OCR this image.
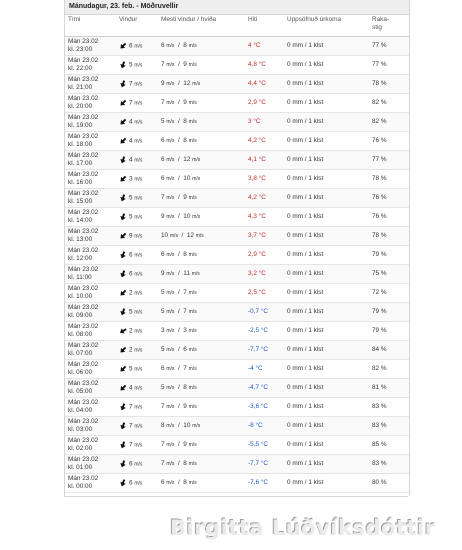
Mánudagur, 23. feb. - Möðruvellir
Tími	Vindur	Mesti vindur / hviða	Hiti	Uppsöfnuð úrkoma	Raka-
stig
Mán 23.02
kl. 23:00	6 m/s	6 m/s  /  8 m/s	4 °C	0 mm / 1 klst	77 %
Mán 23.02
kl. 22:00	5 m/s	7 m/s  /  9 m/s	4,8 °C	0 mm / 1 klst	77 %
Mán 23.02
kl. 21:00	7 m/s	9 m/s  /  12 m/s	4,4 °C	0 mm / 1 klst	78 %
Mán 23.02
kl. 20:00	7 m/s	7 m/s  /  9 m/s	2,9 °C	0 mm / 1 klst	82 %
Mán 23.02
kl. 19:00	4 m/s	5 m/s  /  8 m/s	3 °C	0 mm / 1 klst	82 %
Mán 23.02
kl. 18:00	4 m/s	6 m/s  /  8 m/s	4,2 °C	0 mm / 1 klst	76 %
Mán 23.02
kl. 17:00	4 m/s	6 m/s  /  12 m/s	4,1 °C	0 mm / 1 klst	77 %
Mán 23.02
kl. 16:00	3 m/s	6 m/s  /  10 m/s	3,8 °C	0 mm / 1 klst	78 %
Mán 23.02
kl. 15:00	5 m/s	7 m/s  /  9 m/s	4,2 °C	0 mm / 1 klst	76 %
Mán 23.02
kl. 14:00	5 m/s	9 m/s  /  10 m/s	4,3 °C	0 mm / 1 klst	76 %
Mán 23.02
kl. 13:00	9 m/s	10 m/s  /  12 m/s	3,7 °C	0 mm / 1 klst	78 %
Mán 23.02
kl. 12:00	6 m/s	6 m/s  /  8 m/s	2,9 °C	0 mm / 1 klst	79 %
Mán 23.02
kl. 11:00	6 m/s	9 m/s  /  11 m/s	3,2 °C	0 mm / 1 klst	75 %
Mán 23.02
kl. 10:00	2 m/s	5 m/s  /  7 m/s	2,5 °C	0 mm / 1 klst	72 %
Mán 23.02
kl. 09:00	5 m/s	5 m/s  /  7 m/s	-0,7 °C	0 mm / 1 klst	79 %
Mán 23.02
kl. 08:00	2 m/s	3 m/s  /  3 m/s	-2,5 °C	0 mm / 1 klst	79 %
Mán 23.02
kl. 07:00	2 m/s	5 m/s  /  6 m/s	-7,7 °C	0 mm / 1 klst	84 %
Mán 23.02
kl. 06:00	5 m/s	6 m/s  /  7 m/s	-4 °C	0 mm / 1 klst	82 %
Mán 23.02
kl. 05:00	4 m/s	5 m/s  /  8 m/s	-4,7 °C	0 mm / 1 klst	81 %
Mán 23.02
kl. 04:00	7 m/s	7 m/s  /  9 m/s	-3,6 °C	0 mm / 1 klst	83 %
Mán 23.02
kl. 03:00	7 m/s	8 m/s  /  10 m/s	-8 °C	0 mm / 1 klst	83 %
Mán 23.02
kl. 02:00	7 m/s	7 m/s  /  9 m/s	-5,5 °C	0 mm / 1 klst	85 %
Mán 23.02
kl. 01:00	6 m/s	7 m/s  /  8 m/s	-7,7 °C	0 mm / 1 klst	83 %
Mán 23.02
kl. 00:00	6 m/s	6 m/s  /  8 m/s	-7,6 °C	0 mm / 1 klst	80 %
Birgitta Lúðvíksdóttir
